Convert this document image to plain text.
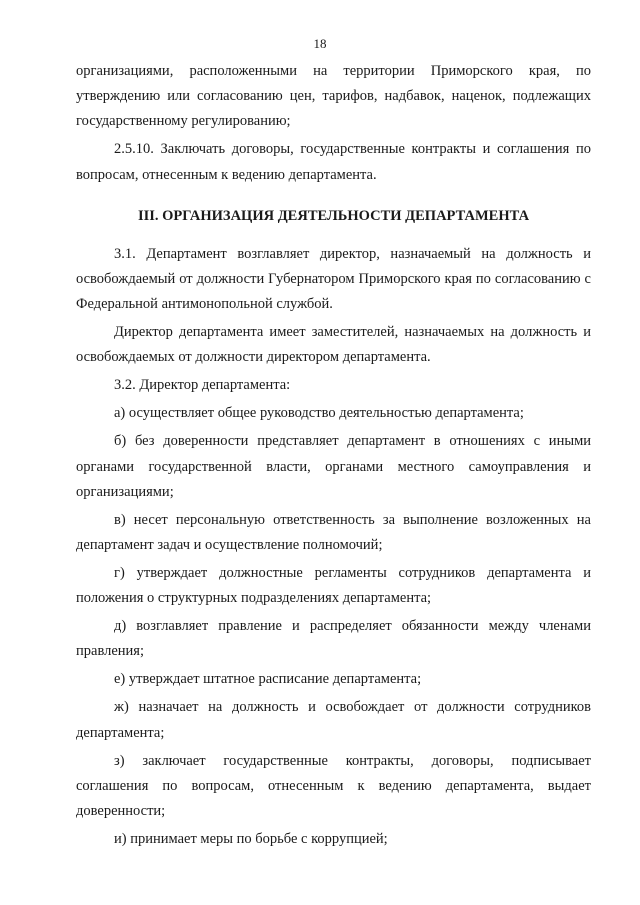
18

организациями, расположенными на территории Приморского края, по утверждению или согласованию цен, тарифов, надбавок, наценок, подлежащих государственному регулированию;

2.5.10. Заключать договоры, государственные контракты и соглашения по вопросам, отнесенным к ведению департамента.

III. ОРГАНИЗАЦИЯ ДЕЯТЕЛЬНОСТИ ДЕПАРТАМЕНТА

3.1. Департамент возглавляет директор, назначаемый на должность и освобождаемый от должности Губернатором Приморского края по согласованию с Федеральной антимонопольной службой.

Директор департамента имеет заместителей, назначаемых на должность и освобождаемых от должности директором департамента.

3.2. Директор департамента:

а) осуществляет общее руководство деятельностью департамента;

б) без доверенности представляет департамент в отношениях с иными органами государственной власти, органами местного самоуправления и организациями;

в) несет персональную ответственность за выполнение возложенных на департамент задач и осуществление полномочий;

г) утверждает должностные регламенты сотрудников департамента и положения о структурных подразделениях департамента;

д) возглавляет правление и распределяет обязанности между членами правления;

е) утверждает штатное расписание департамента;

ж) назначает на должность и освобождает от должности сотрудников департамента;

з) заключает государственные контракты, договоры, подписывает соглашения по вопросам, отнесенным к ведению департамента, выдает доверенности;

и) принимает меры по борьбе с коррупцией;
